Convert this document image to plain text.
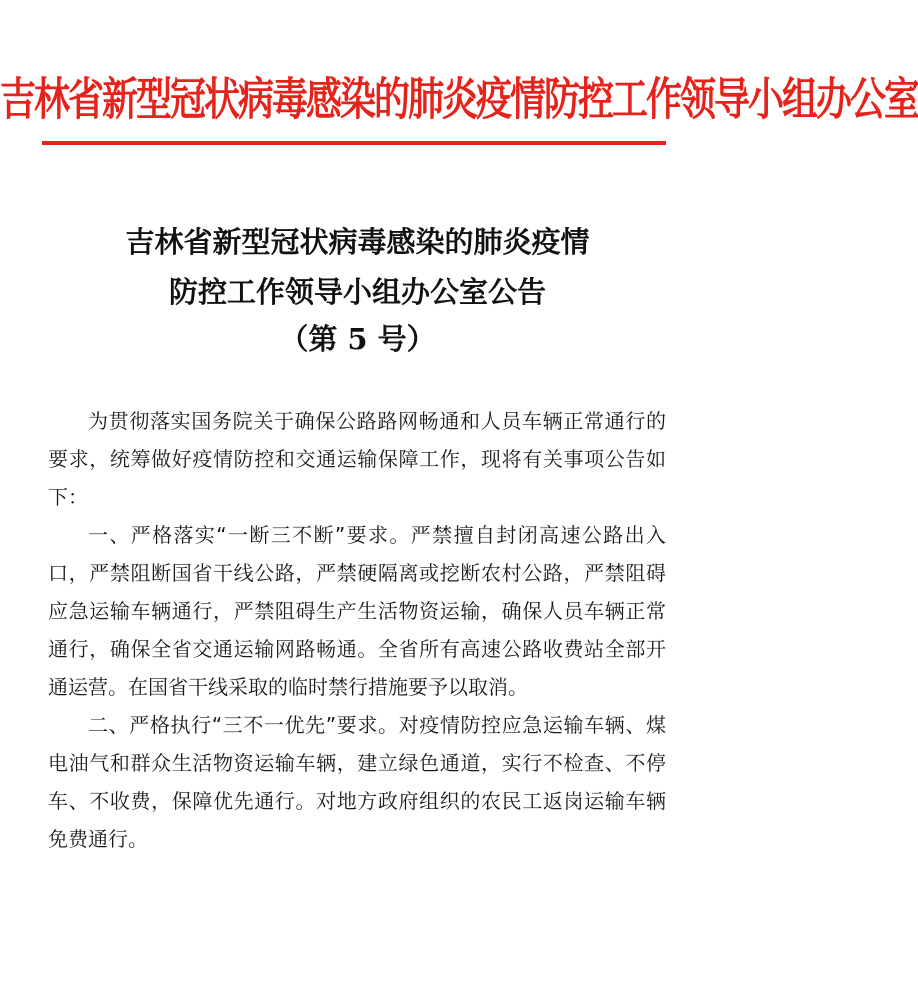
吉林省新型冠状病毒感染的肺炎疫情防控工作领导小组办公室
吉林省新型冠状病毒感染的肺炎疫情
防控工作领导小组办公室公告
（第 5 号）

为贯彻落实国务院关于确保公路路网畅通和人员车辆正常通行的要求，统筹做好疫情防控和交通运输保障工作，现将有关事项公告如下：

一、严格落实“一断三不断”要求。严禁擅自封闭高速公路出入口，严禁阻断国省干线公路，严禁硬隔离或挖断农村公路，严禁阻碍应急运输车辆通行，严禁阻碍生产生活物资运输，确保人员车辆正常通行，确保全省交通运输网路畅通。全省所有高速公路收费站全部开通运营。在国省干线采取的临时禁行措施要予以取消。

二、严格执行“三不一优先”要求。对疫情防控应急运输车辆、煤电油气和群众生活物资运输车辆，建立绿色通道，实行不检查、不停车、不收费，保障优先通行。对地方政府组织的农民工返岗运输车辆免费通行。
